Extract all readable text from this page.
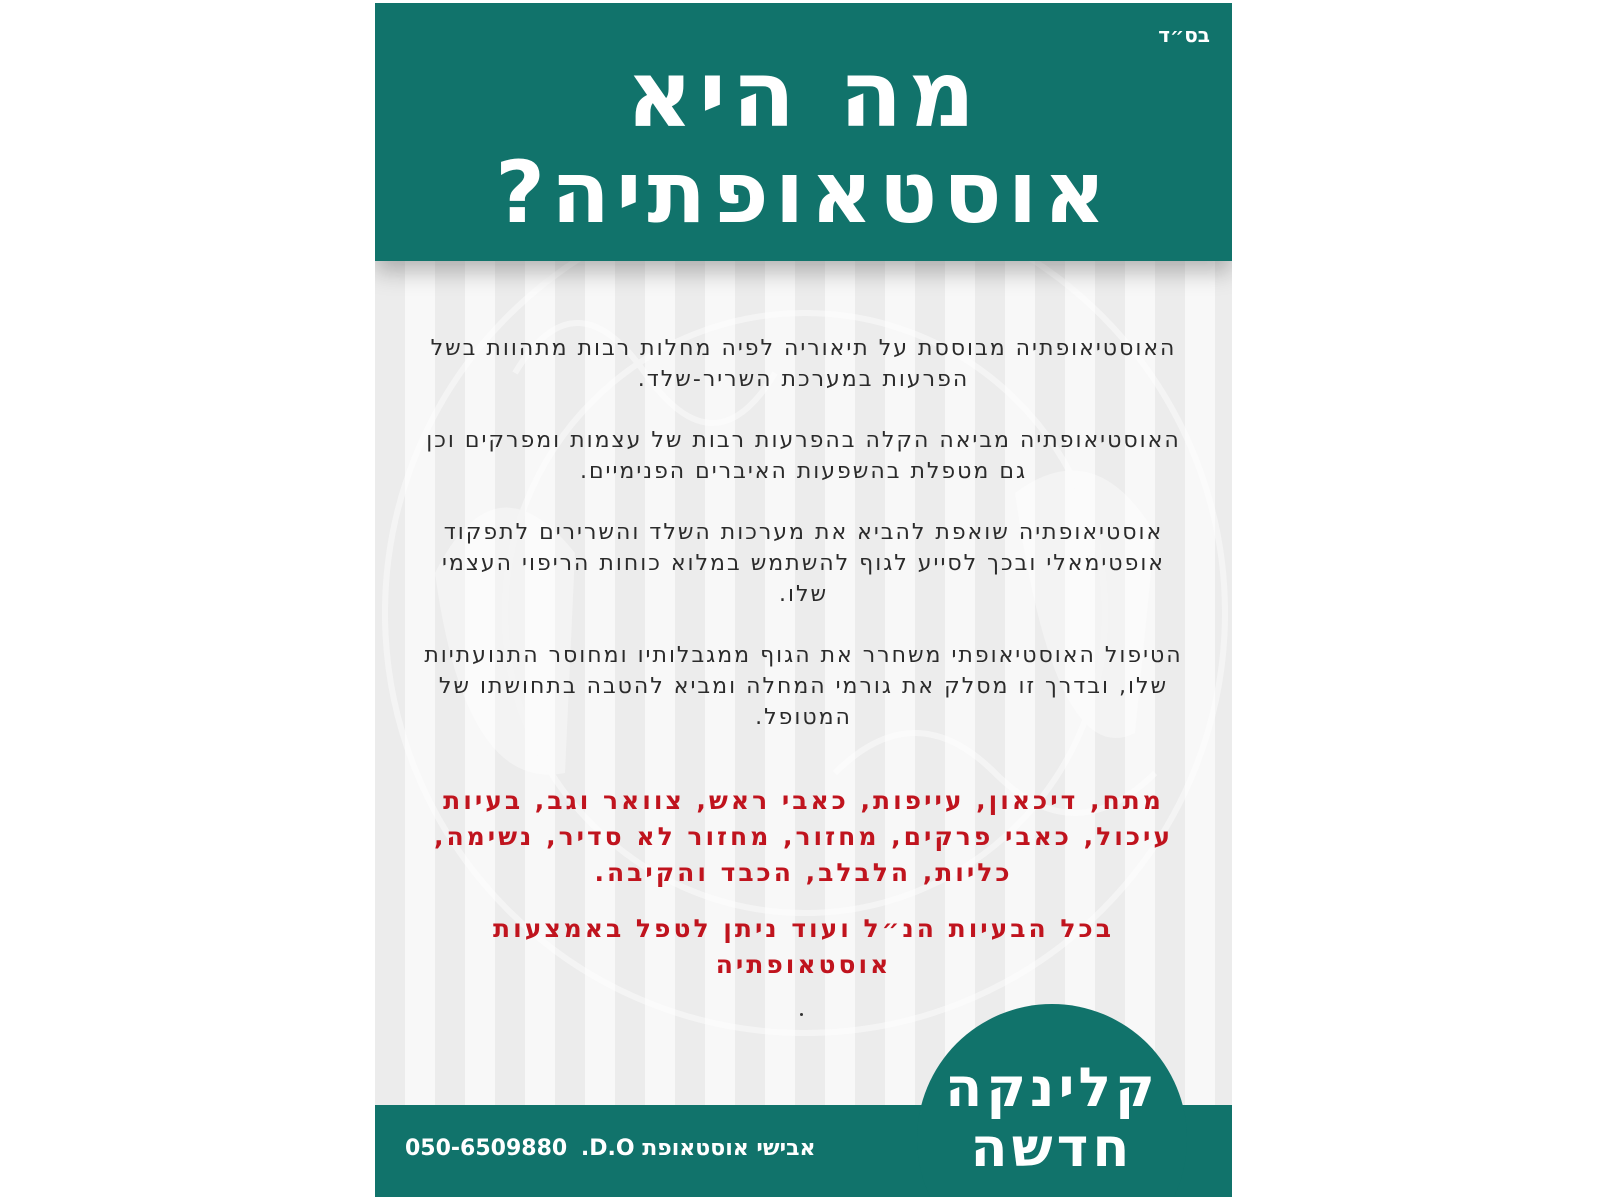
בס״ד
מה היא
אוסטאופתיה?

האוסטיאופתיה מבוססת על תיאוריה לפיה מחלות רבות מתהוות בשל הפרעות במערכת השריר-שלד.

האוסטיאופתיה מביאה הקלה בהפרעות רבות של עצמות ומפרקים וכן גם מטפלת בהשפעות האיברים הפנימיים.

אוסטיאופתיה שואפת להביא את מערכות השלד והשרירים לתפקוד אופטימאלי ובכך לסייע לגוף להשתמש במלוא כוחות הריפוי העצמי שלו.

הטיפול האוסטיאופתי משחרר את הגוף ממגבלותיו ומחוסר התנועתיות שלו, ובדרך זו מסלק את גורמי המחלה ומביא להטבה בתחושתו של המטופל.

מתח, דיכאון, עייפות, כאבי ראש, צוואר וגב, בעיות עיכול, כאבי פרקים, מחזור, מחזור לא סדיר, נשימה, כליות, הלבלב, הכבד והקיבה.

בכל הבעיות הנ״ל ועוד ניתן לטפל באמצעות אוסטאופתיה

קלינקה
חדשה
050-6509880 אבישי אוסטאופת D.O.
